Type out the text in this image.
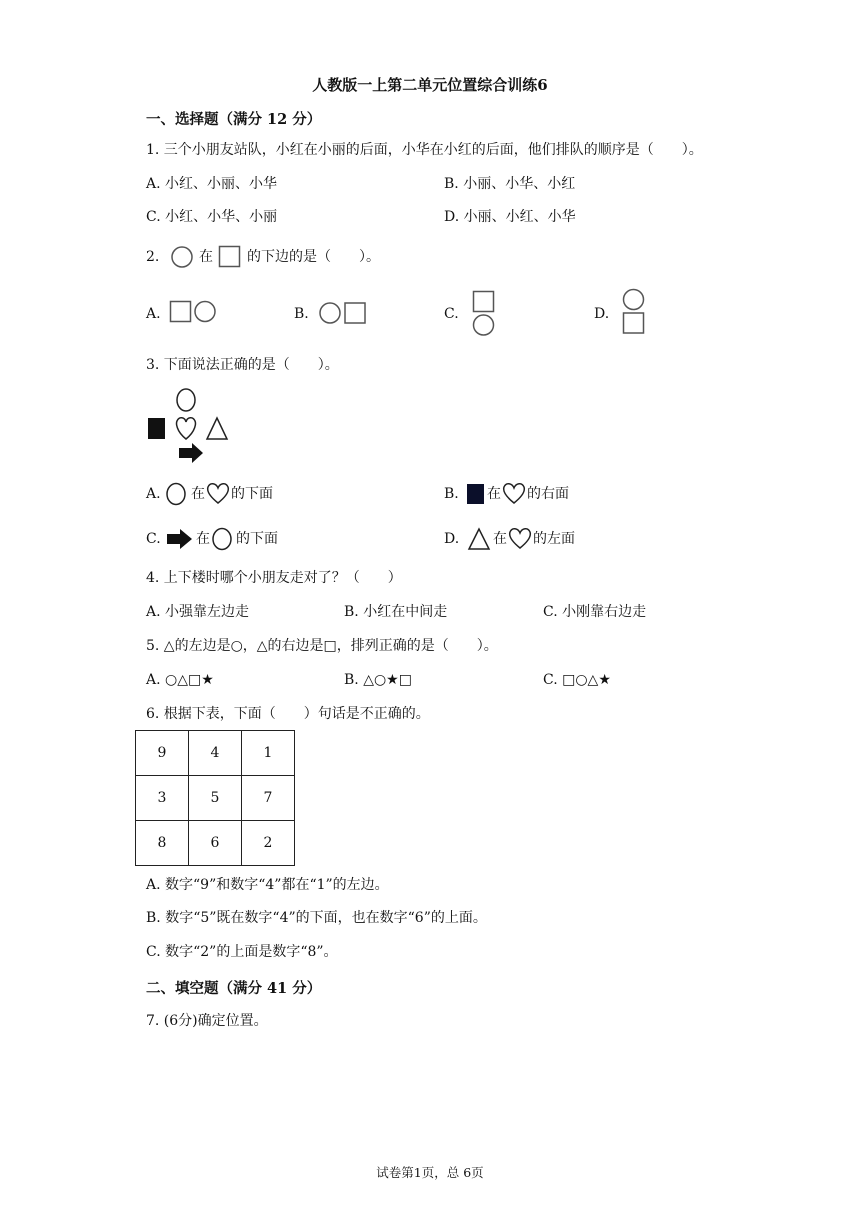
人教版一上第二单元位置综合训练6
一、选择题（满分 12 分）
1. 三个小朋友站队，小红在小丽的后面，小华在小红的后面，他们排队的顺序是（　　）。
A. 小红、小丽、小华	B. 小丽、小华、小红
C. 小红、小华、小丽	D. 小丽、小红、小华
2.	在 的下边的是（　　）。
A.	B.	C.	D.
3. 下面说法正确的是（　　）。
A. 在 的下面	B. 在 的右面
C.	在 的下面	D. 在 的左面
4. 上下楼时哪个小朋友走对了？（　　）
A. 小强靠左边走	B. 小红在中间走	C. 小刚靠右边走
5. △的左边是○，△的右边是□，排列正确的是（　　）。
A. ○△□★	B. △○★□	C. □○△★
6. 根据下表，下面（　　）句话是不正确的。
9	4	1
3	5	7
8	6	2
A. 数字“9”和数字“4”都在“1”的左边。
B. 数字“5”既在数字“4”的下面，也在数字“6”的上面。
C. 数字“2”的上面是数字“8”。
二、填空题（满分 41 分）
7. (6分)确定位置。
试卷第1页，总 6页
